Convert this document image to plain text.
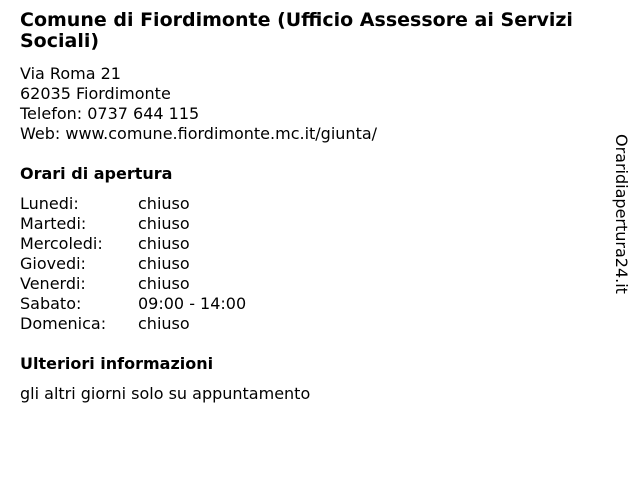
Comune di Fiordimonte (Ufficio Assessore ai Servizi Sociali)
Via Roma 21
62035 Fiordimonte
Telefon: 0737 644 115
Web: www.comune.fiordimonte.mc.it/giunta/
Orari di apertura
Lunedi:	chiuso
Martedi:	chiuso
Mercoledi:	chiuso
Giovedi:	chiuso
Venerdi:	chiuso
Sabato:	09:00 - 14:00
Domenica:	chiuso
Ulteriori informazioni
gli altri giorni solo su appuntamento
Oraridiapertura24.it
